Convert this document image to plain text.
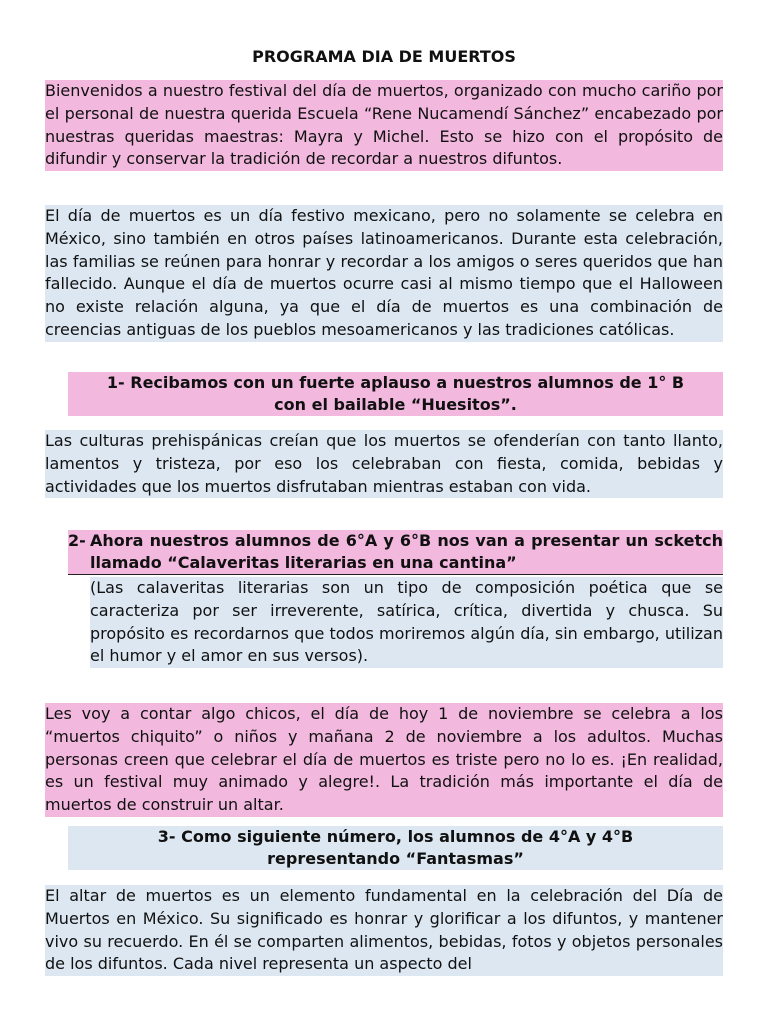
PROGRAMA DIA DE MUERTOS

Bienvenidos a nuestro festival del día de muertos, organizado con mucho cariño por el personal de nuestra querida Escuela “Rene Nucamendí Sánchez” encabezado por nuestras queridas maestras: Mayra y Michel. Esto se hizo con el propósito de difundir y conservar la tradición de recordar a nuestros difuntos.

El día de muertos es un día festivo mexicano, pero no solamente se celebra en México, sino también en otros países latinoamericanos. Durante esta celebración, las familias se reúnen para honrar y recordar a los amigos o seres queridos que han fallecido. Aunque el día de muertos ocurre casi al mismo tiempo que el Halloween no existe relación alguna, ya que el día de muertos es una combinación de creencias antiguas de los pueblos mesoamericanos y las tradiciones católicas.

1- Recibamos con un fuerte aplauso a nuestros alumnos de 1° B
con el bailable “Huesitos”.

Las culturas prehispánicas creían que los muertos se ofenderían con tanto llanto, lamentos y tristeza, por eso los celebraban con fiesta, comida, bebidas y actividades que los muertos disfrutaban mientras estaban con vida.

2- Ahora nuestros alumnos de 6°A y 6°B nos van a presentar un scketch llamado “Calaveritas literarias en una cantina”
(Las calaveritas literarias son un tipo de composición poética que se caracteriza por ser irreverente, satírica, crítica, divertida y chusca. Su propósito es recordarnos que todos moriremos algún día, sin embargo, utilizan el humor y el amor en sus versos).

Les voy a contar algo chicos, el día de hoy 1 de noviembre se celebra a los “muertos chiquito” o niños y mañana 2 de noviembre a los adultos. Muchas personas creen que celebrar el día de muertos es triste pero no lo es. ¡En realidad, es un festival muy animado y alegre!. La tradición más importante el día de muertos de construir un altar.

3- Como siguiente número, los alumnos de 4°A y 4°B
representando “Fantasmas”

El altar de muertos es un elemento fundamental en la celebración del Día de Muertos en México. Su significado es honrar y glorificar a los difuntos, y mantener vivo su recuerdo. En él se comparten alimentos, bebidas, fotos y objetos personales de los difuntos. Cada nivel representa un aspecto del
